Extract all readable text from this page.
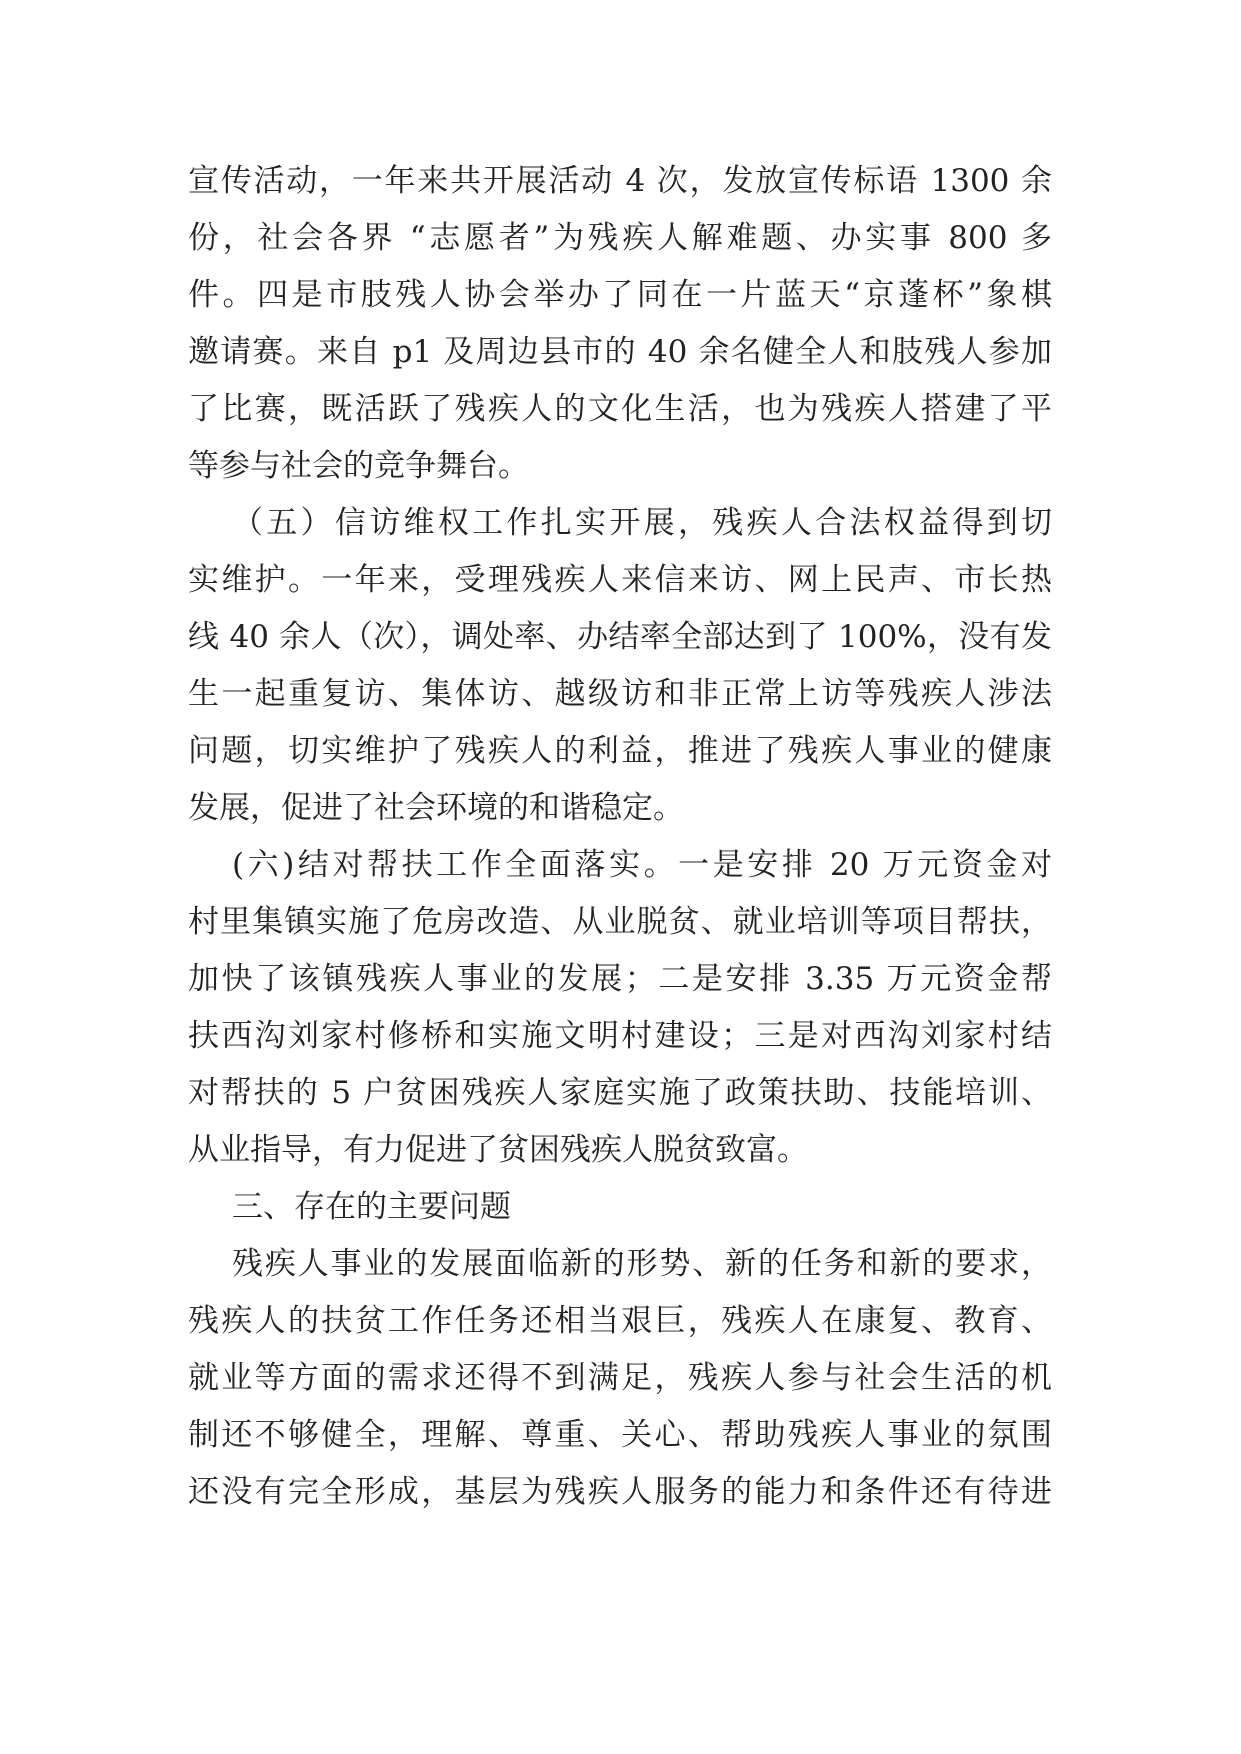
宣传活动，一年来共开展活动 4 次，发放宣传标语 1300 余
份，社会各界 “志愿者”为残疾人解难题、办实事 800 多
件。四是市肢残人协会举办了同在一片蓝天“京蓬杯”象棋
邀请赛。来自 p1 及周边县市的 40 余名健全人和肢残人参加
了比赛，既活跃了残疾人的文化生活，也为残疾人搭建了平
等参与社会的竞争舞台。
（五）信访维权工作扎实开展，残疾人合法权益得到切
实维护。一年来，受理残疾人来信来访、网上民声、市长热
线 40 余人（次），调处率、办结率全部达到了 100%，没有发
生一起重复访、集体访、越级访和非正常上访等残疾人涉法
问题，切实维护了残疾人的利益，推进了残疾人事业的健康
发展，促进了社会环境的和谐稳定。
(六)结对帮扶工作全面落实。一是安排 20 万元资金对
村里集镇实施了危房改造、从业脱贫、就业培训等项目帮扶，
加快了该镇残疾人事业的发展；二是安排 3.35 万元资金帮
扶西沟刘家村修桥和实施文明村建设；三是对西沟刘家村结
对帮扶的 5 户贫困残疾人家庭实施了政策扶助、技能培训、
从业指导，有力促进了贫困残疾人脱贫致富。
三、存在的主要问题
残疾人事业的发展面临新的形势、新的任务和新的要求，
残疾人的扶贫工作任务还相当艰巨，残疾人在康复、教育、
就业等方面的需求还得不到满足，残疾人参与社会生活的机
制还不够健全，理解、尊重、关心、帮助残疾人事业的氛围
还没有完全形成，基层为残疾人服务的能力和条件还有待进
